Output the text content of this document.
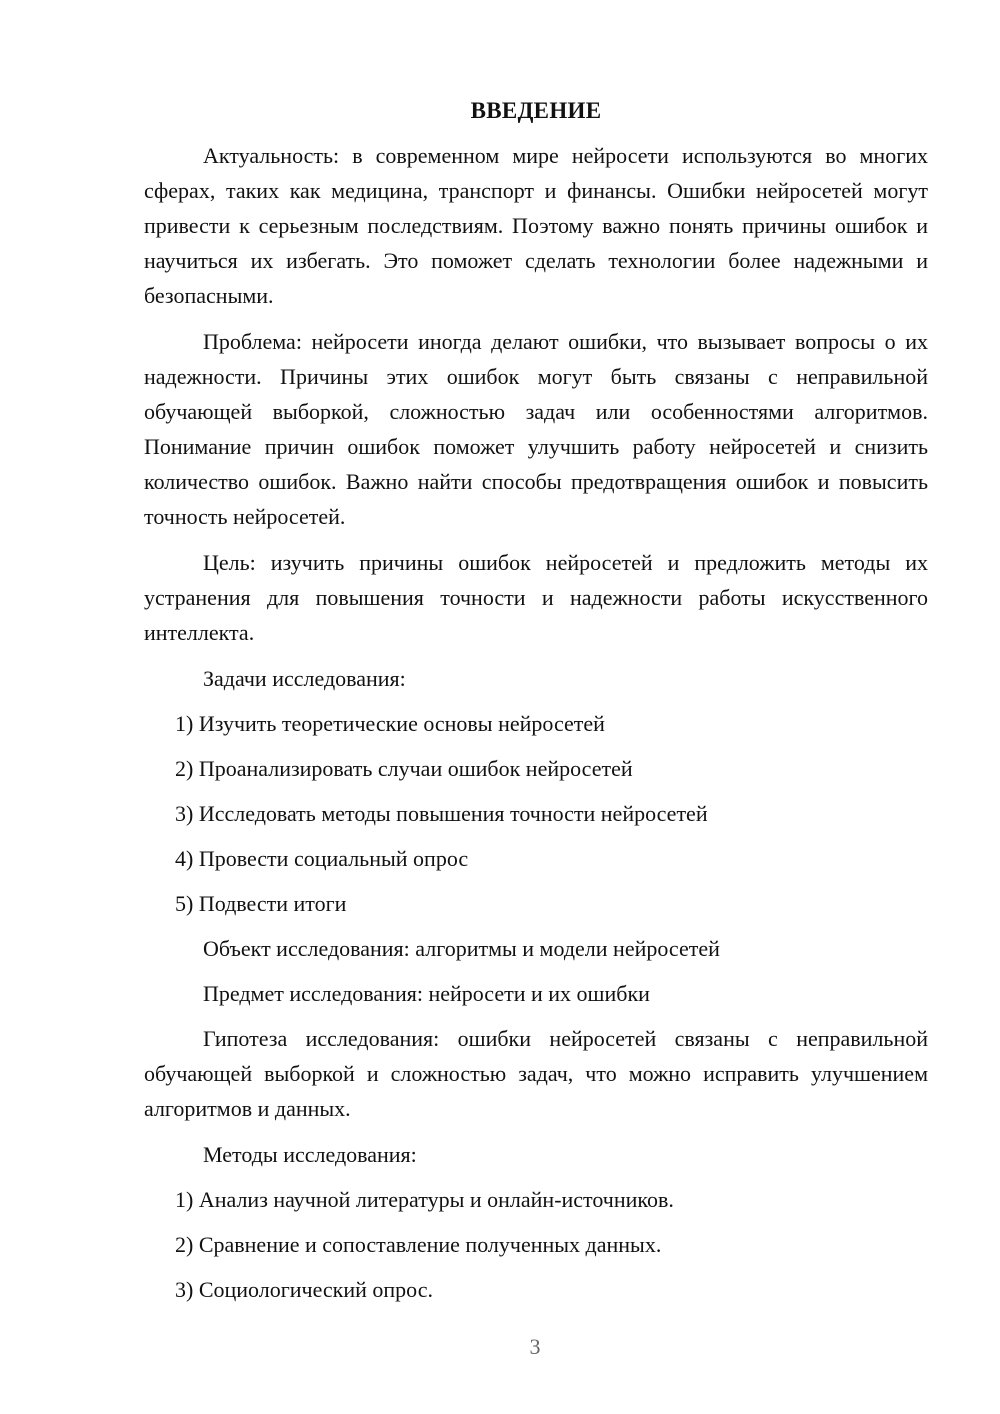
ВВЕДЕНИЕ

Актуальность: в современном мире нейросети используются во многих сферах, таких как медицина, транспорт и финансы. Ошибки нейросетей могут привести к серьезным последствиям. Поэтому важно понять причины ошибок и научиться их избегать. Это поможет сделать технологии более надежными и безопасными.

Проблема: нейросети иногда делают ошибки, что вызывает вопросы о их надежности. Причины этих ошибок могут быть связаны с неправильной обучающей выборкой, сложностью задач или особенностями алгоритмов. Понимание причин ошибок поможет улучшить работу нейросетей и снизить количество ошибок. Важно найти способы предотвращения ошибок и повысить точность нейросетей.

Цель: изучить причины ошибок нейросетей и предложить методы их устранения для повышения точности и надежности работы искусственного интеллекта.

Задачи исследования:
1) Изучить теоретические основы нейросетей
2) Проанализировать случаи ошибок нейросетей
3) Исследовать методы повышения точности нейросетей
4) Провести социальный опрос
5) Подвести итоги
Объект исследования: алгоритмы и модели нейросетей
Предмет исследования: нейросети и их ошибки

Гипотеза исследования: ошибки нейросетей связаны с неправильной обучающей выборкой и сложностью задач, что можно исправить улучшением алгоритмов и данных.

Методы исследования:
1) Анализ научной литературы и онлайн-источников.
2) Сравнение и сопоставление полученных данных.
3) Социологический опрос.
3
